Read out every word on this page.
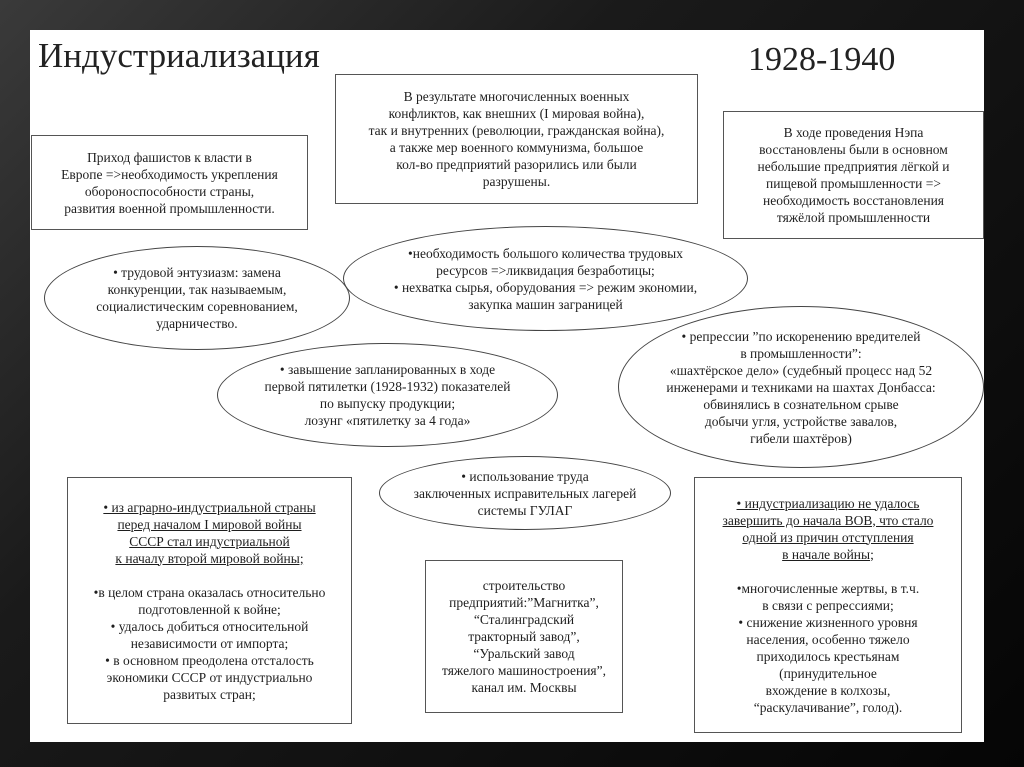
Индустриализация	1928-1940
Приход фашистов к власти в
Европе =>необходимость укрепления
обороноспособности страны,
развития военной промышленности.
В результате многочисленных военных
конфликтов, как внешних (I мировая война),
так и внутренних (революции, гражданская война),
а также мер военного коммунизма, большое
кол-во предприятий разорились или были
разрушены.
В ходе проведения Нэпа
восстановлены были в основном
небольшие предприятия лёгкой и
пищевой промышленности =>
необходимость восстановления
тяжёлой промышленности
• трудовой энтузиазм: замена
конкуренции, так называемым,
социалистическим соревнованием,
ударничество.
•необходимость большого количества трудовых
ресурсов =>ликвидация безработицы;
• нехватка сырья, оборудования => режим экономии,
закупка машин заграницей
• завышение запланированных в ходе
первой пятилетки (1928-1932) показателей
по выпуску продукции;
лозунг «пятилетку за 4 года»
• репрессии ”по искоренению вредителей
в промышленности”:
«шахтёрское дело» (судебный процесс над 52
инженерами и техниками на шахтах Донбасса:
обвинялись в сознательном срыве
добычи угля, устройстве завалов,
гибели шахтёров)
• использование труда
заключенных исправительных лагерей
системы ГУЛАГ
• из аграрно-индустриальной страны
перед началом I мировой войны
СССР стал индустриальной
к началу второй мировой войны;
•в целом страна оказалась относительно
подготовленной к войне;
• удалось добиться относительной
независимости от импорта;
• в основном преодолена отсталость
экономики СССР от индустриально
развитых стран;
строительство
предприятий:”Магнитка”,
“Сталинградский
тракторный завод”,
“Уральский завод
тяжелого машиностроения”,
канал им. Москвы
• индустриализацию не удалось
завершить до начала ВОВ, что стало
одной из причин отступления
в начале войны;
•многочисленные жертвы, в т.ч.
в связи с репрессиями;
• снижение жизненного уровня
населения, особенно тяжело
приходилось крестьянам
(принудительное
вхождение в колхозы,
“раскулачивание”, голод).
